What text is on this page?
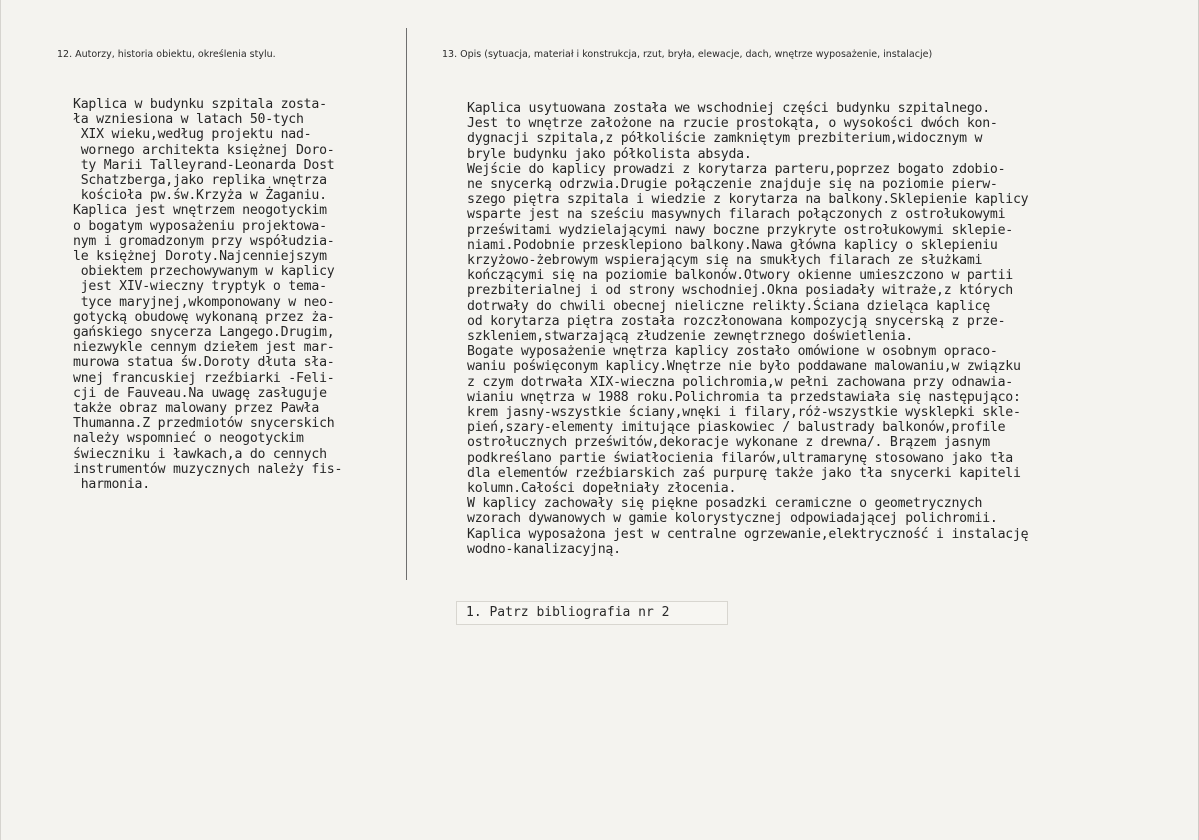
12. Autorzy, historia obiektu, określenia stylu.	13. Opis (sytuacja, materiał i konstrukcja, rzut, bryła, elewacje, dach, wnętrze wyposażenie, instalacje)
Kaplica w budynku szpitala zosta-
ła wzniesiona w latach 50-tych
XIX wieku,według projektu nad-
wornego architekta księżnej Doro-
ty Marii Talleyrand-Leonarda Dost
Schatzberga,jako replika wnętrza
kościoła pw.św.Krzyża w Żaganiu.
Kaplica jest wnętrzem neogotyckim
o bogatym wyposażeniu projektowa-
nym i gromadzonym przy współudzia-
le księżnej Doroty.Najcenniejszym
obiektem przechowywanym w kaplicy
jest XIV-wieczny tryptyk o tema-
tyce maryjnej,wkomponowany w neo-
gotycką obudowę wykonaną przez ża-
gańskiego snycerza Langego.Drugim,
niezwykle cennym dziełem jest mar-
murowa statua św.Doroty dłuta sła-
wnej francuskiej rzeźbiarki -Feli-
cji de Fauveau.Na uwagę zasługuje
także obraz malowany przez Pawła
Thumanna.Z przedmiotów snycerskich
należy wspomnieć o neogotyckim
świeczniku i ławkach,a do cennych
instrumentów muzycznych należy fis-
harmonia.
Kaplica usytuowana została we wschodniej części budynku szpitalnego.
Jest to wnętrze założone na rzucie prostokąta, o wysokości dwóch kon-
dygnacji szpitala,z półkoliście zamkniętym prezbiterium,widocznym w
bryle budynku jako półkolista absyda.
Wejście do kaplicy prowadzi z korytarza parteru,poprzez bogato zdobio-
ne snycerką odrzwia.Drugie połączenie znajduje się na poziomie pierw-
szego piętra szpitala i wiedzie z korytarza na balkony.Sklepienie kaplicy
wsparte jest na sześciu masywnych filarach połączonych z ostrołukowymi
prześwitami wydzielającymi nawy boczne przykryte ostrołukowymi sklepie-
niami.Podobnie przesklepiono balkony.Nawa główna kaplicy o sklepieniu
krzyżowo-żebrowym wspierającym się na smukłych filarach ze służkami
kończącymi się na poziomie balkonów.Otwory okienne umieszczono w partii
prezbiterialnej i od strony wschodniej.Okna posiadały witraże,z których
dotrwały do chwili obecnej nieliczne relikty.Ściana dzieląca kaplicę
od korytarza piętra została rozczłonowana kompozycją snycerską z prze-
szkleniem,stwarzającą złudzenie zewnętrznego doświetlenia.
Bogate wyposażenie wnętrza kaplicy zostało omówione w osobnym opraco-
waniu poświęconym kaplicy.Wnętrze nie było poddawane malowaniu,w związku
z czym dotrwała XIX-wieczna polichromia,w pełni zachowana przy odnawia-
wianiu wnętrza w 1988 roku.Polichromia ta przedstawiała się następująco:
krem jasny-wszystkie ściany,wnęki i filary,róż-wszystkie wysklepki skle-
pień,szary-elementy imitujące piaskowiec / balustrady balkonów,profile
ostrołucznych prześwitów,dekoracje wykonane z drewna/. Brązem jasnym
podkreślano partie światłocienia filarów,ultramarynę stosowano jako tła
dla elementów rzeźbiarskich zaś purpurę także jako tła snycerki kapiteli
kolumn.Całości dopełniały złocenia.
W kaplicy zachowały się piękne posadzki ceramiczne o geometrycznych
wzorach dywanowych w gamie kolorystycznej odpowiadającej polichromii.
Kaplica wyposażona jest w centralne ogrzewanie,elektryczność i instalację
wodno-kanalizacyjną.
1. Patrz bibliografia nr 2
